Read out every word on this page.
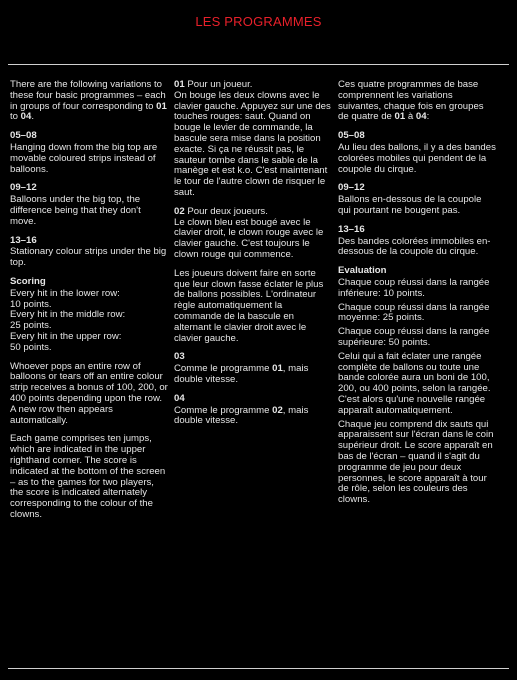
LES PROGRAMMES

There are the following variations to these four basic programmes – each in groups of four corresponding to 01 to 04.

05–08

Hanging down from the big top are movable coloured strips instead of balloons.

09–12

Balloons under the big top, the difference being that they don't move.

13–16

Stationary colour strips under the big top.

Scoring
Every hit in the lower row:
10 points.
Every hit in the middle row:
25 points.
Every hit in the upper row:

50 points.

Whoever pops an entire row of balloons or tears off an entire colour strip receives a bonus of 100, 200, or 400 points depending upon the row. A new row then appears automatically.

Each game comprises ten jumps, which are indicated in the upper righthand corner. The score is indicated at the bottom of the screen – as to the games for two players, the score is indicated alternately corresponding to the colour of the clowns.

01 Pour un joueur.

On bouge les deux clowns avec le clavier gauche. Appuyez sur une des touches rouges: saut. Quand on bouge le levier de commande, la bascule sera mise dans la position exacte. Si ça ne réussit pas, le sauteur tombe dans le sable de la manège et est k.o. C'est maintenant le tour de l'autre clown de risquer le saut.

02 Pour deux joueurs.

Le clown bleu est bougé avec le clavier droit, le clown rouge avec le clavier gauche. C'est toujours le clown rouge qui commence.

Les joueurs doivent faire en sorte que leur clown fasse éclater le plus de ballons possibles. L'ordinateur règle automatiquement la commande de la bascule en alternant le clavier droit avec le clavier gauche.

03

Comme le programme 01, mais double vitesse.

04

Comme le programme 02, mais double vitesse.

Ces quatre programmes de base comprennent les variations suivantes, chaque fois en groupes de quatre de 01 à 04:

05–08

Au lieu des ballons, il y a des bandes colorées mobiles qui pendent de la coupole du cirque.

09–12

Ballons en-dessous de la coupole qui pourtant ne bougent pas.

13–16

Des bandes colorées immobiles en-dessous de la coupole du cirque.

Evaluation

Chaque coup réussi dans la rangée inférieure: 10 points.

Chaque coup réussi dans la rangée moyenne: 25 points.

Chaque coup réussi dans la rangée supérieure: 50 points.

Celui qui a fait éclater une rangée complète de ballons ou toute une bande colorée aura un boni de 100, 200, ou 400 points, selon la rangée. C'est alors qu'une nouvelle rangée apparaît automatiquement.

Chaque jeu comprend dix sauts qui apparaissent sur l'écran dans le coin supérieur droit. Le score apparaît en bas de l'écran – quand il s'agit du programme de jeu pour deux personnes, le score apparaît à tour de rôle, selon les couleurs des clowns.
